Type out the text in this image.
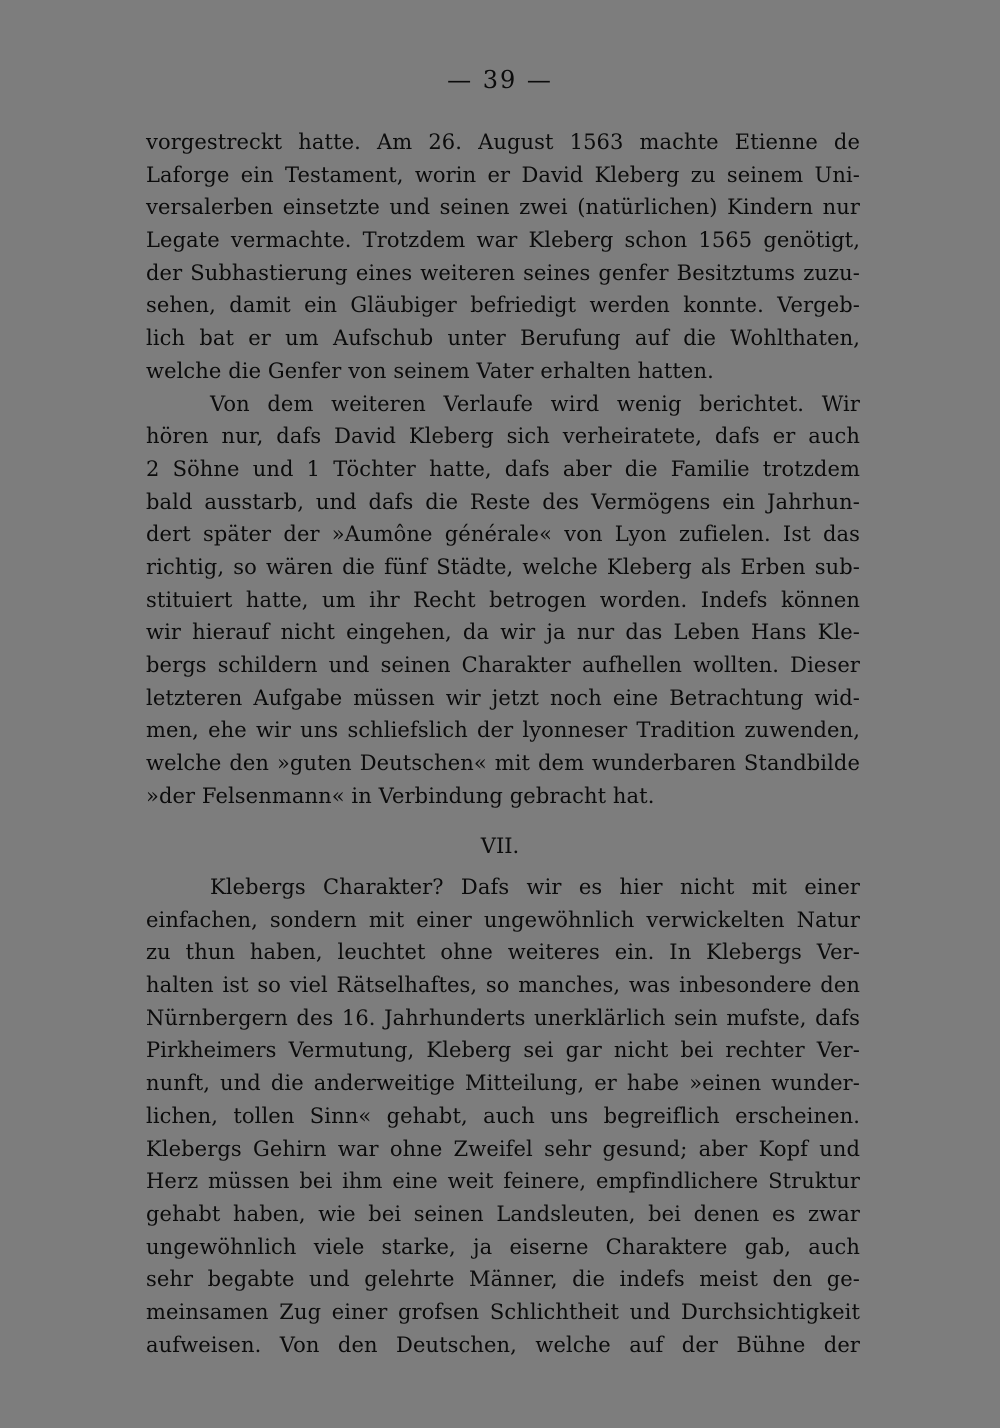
— 39 —
vorgestreckt hatte. Am 26. August 1563 machte Etienne de
Laforge ein Testament, worin er David Kleberg zu seinem Uni-
versalerben einsetzte und seinen zwei (natürlichen) Kindern nur
Legate vermachte. Trotzdem war Kleberg schon 1565 genötigt,
der Subhastierung eines weiteren seines genfer Besitztums zuzu-
sehen, damit ein Gläubiger befriedigt werden konnte. Vergeb-
lich bat er um Aufschub unter Berufung auf die Wohlthaten,
welche die Genfer von seinem Vater erhalten hatten.
Von dem weiteren Verlaufe wird wenig berichtet. Wir
hören nur, dafs David Kleberg sich verheiratete, dafs er auch
2 Söhne und 1 Töchter hatte, dafs aber die Familie trotzdem
bald ausstarb, und dafs die Reste des Vermögens ein Jahrhun-
dert später der »Aumône générale« von Lyon zufielen. Ist das
richtig, so wären die fünf Städte, welche Kleberg als Erben sub-
stituiert hatte, um ihr Recht betrogen worden. Indefs können
wir hierauf nicht eingehen, da wir ja nur das Leben Hans Kle-
bergs schildern und seinen Charakter aufhellen wollten. Dieser
letzteren Aufgabe müssen wir jetzt noch eine Betrachtung wid-
men, ehe wir uns schliefslich der lyonneser Tradition zuwenden,
welche den »guten Deutschen« mit dem wunderbaren Standbilde
»der Felsenmann« in Verbindung gebracht hat.
VII.
Klebergs Charakter? Dafs wir es hier nicht mit einer
einfachen, sondern mit einer ungewöhnlich verwickelten Natur
zu thun haben, leuchtet ohne weiteres ein. In Klebergs Ver-
halten ist so viel Rätselhaftes, so manches, was inbesondere den
Nürnbergern des 16. Jahrhunderts unerklärlich sein mufste, dafs
Pirkheimers Vermutung, Kleberg sei gar nicht bei rechter Ver-
nunft, und die anderweitige Mitteilung, er habe »einen wunder-
lichen, tollen Sinn« gehabt, auch uns begreiflich erscheinen.
Klebergs Gehirn war ohne Zweifel sehr gesund; aber Kopf und
Herz müssen bei ihm eine weit feinere, empfindlichere Struktur
gehabt haben, wie bei seinen Landsleuten, bei denen es zwar
ungewöhnlich viele starke, ja eiserne Charaktere gab, auch
sehr begabte und gelehrte Männer, die indefs meist den ge-
meinsamen Zug einer grofsen Schlichtheit und Durchsichtigkeit
aufweisen. Von den Deutschen, welche auf der Bühne der
